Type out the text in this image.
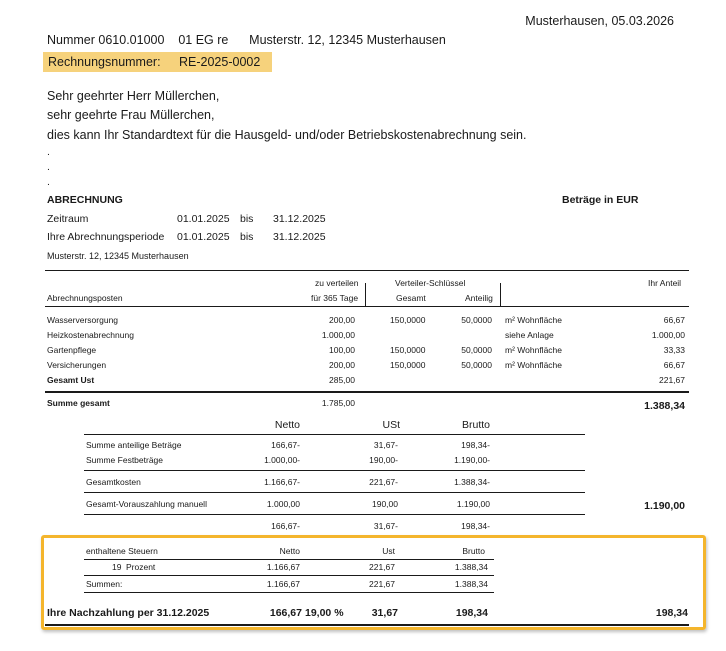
Musterhausen, 05.03.2026
Nummer 0610.01000    01 EG re      Musterstr. 12, 12345 Musterhausen
Rechnungsnummer: RE-2025-0002
Sehr geehrter Herr Müllerchen,
sehr geehrte Frau Müllerchen,
dies kann Ihr Standardtext für die Hausgeld- und/oder Betriebskostenabrechnung sein.
.
.
.
ABRECHNUNG	Beträge in EUR
Zeitraum	01.01.2025 bis 31.12.2025
Ihre Abrechnungsperiode 01.01.2025 bis 31.12.2025
Musterstr. 12, 12345 Musterhausen
zu verteilen	Verteiler-Schlüssel	Ihr Anteil
Abrechnungsposten	für 365 Tage	Gesamt	Anteilig
Wasserversorgung	200,00	150,0000	50,0000 m² Wohnfläche	66,67
Heizkostenabrechnung	1.000,00	siehe Anlage	1.000,00
Gartenpflege	100,00	150,0000	50,0000 m² Wohnfläche	33,33
Versicherungen	200,00	150,0000	50,0000 m² Wohnfläche	66,67
Gesamt Ust	285,00	221,67
Summe gesamt	1.785,00	1.388,34
Netto	USt	Brutto
Summe anteilige Beträge	166,67-	31,67-	198,34-
Summe Festbeträge	1.000,00-	190,00-	1.190,00-
Gesamtkosten	1.166,67-	221,67-	1.388,34-
Gesamt-Vorauszahlung manuell	1.000,00	190,00	1.190,00	1.190,00
166,67-	31,67-	198,34-
enthaltene Steuern	Netto	Ust	Brutto
19 Prozent	1.166,67	221,67	1.388,34
Summen:	1.166,67	221,67	1.388,34
Ihre Nachzahlung per 31.12.2025	166,67 19,00 %	31,67	198,34	198,34
